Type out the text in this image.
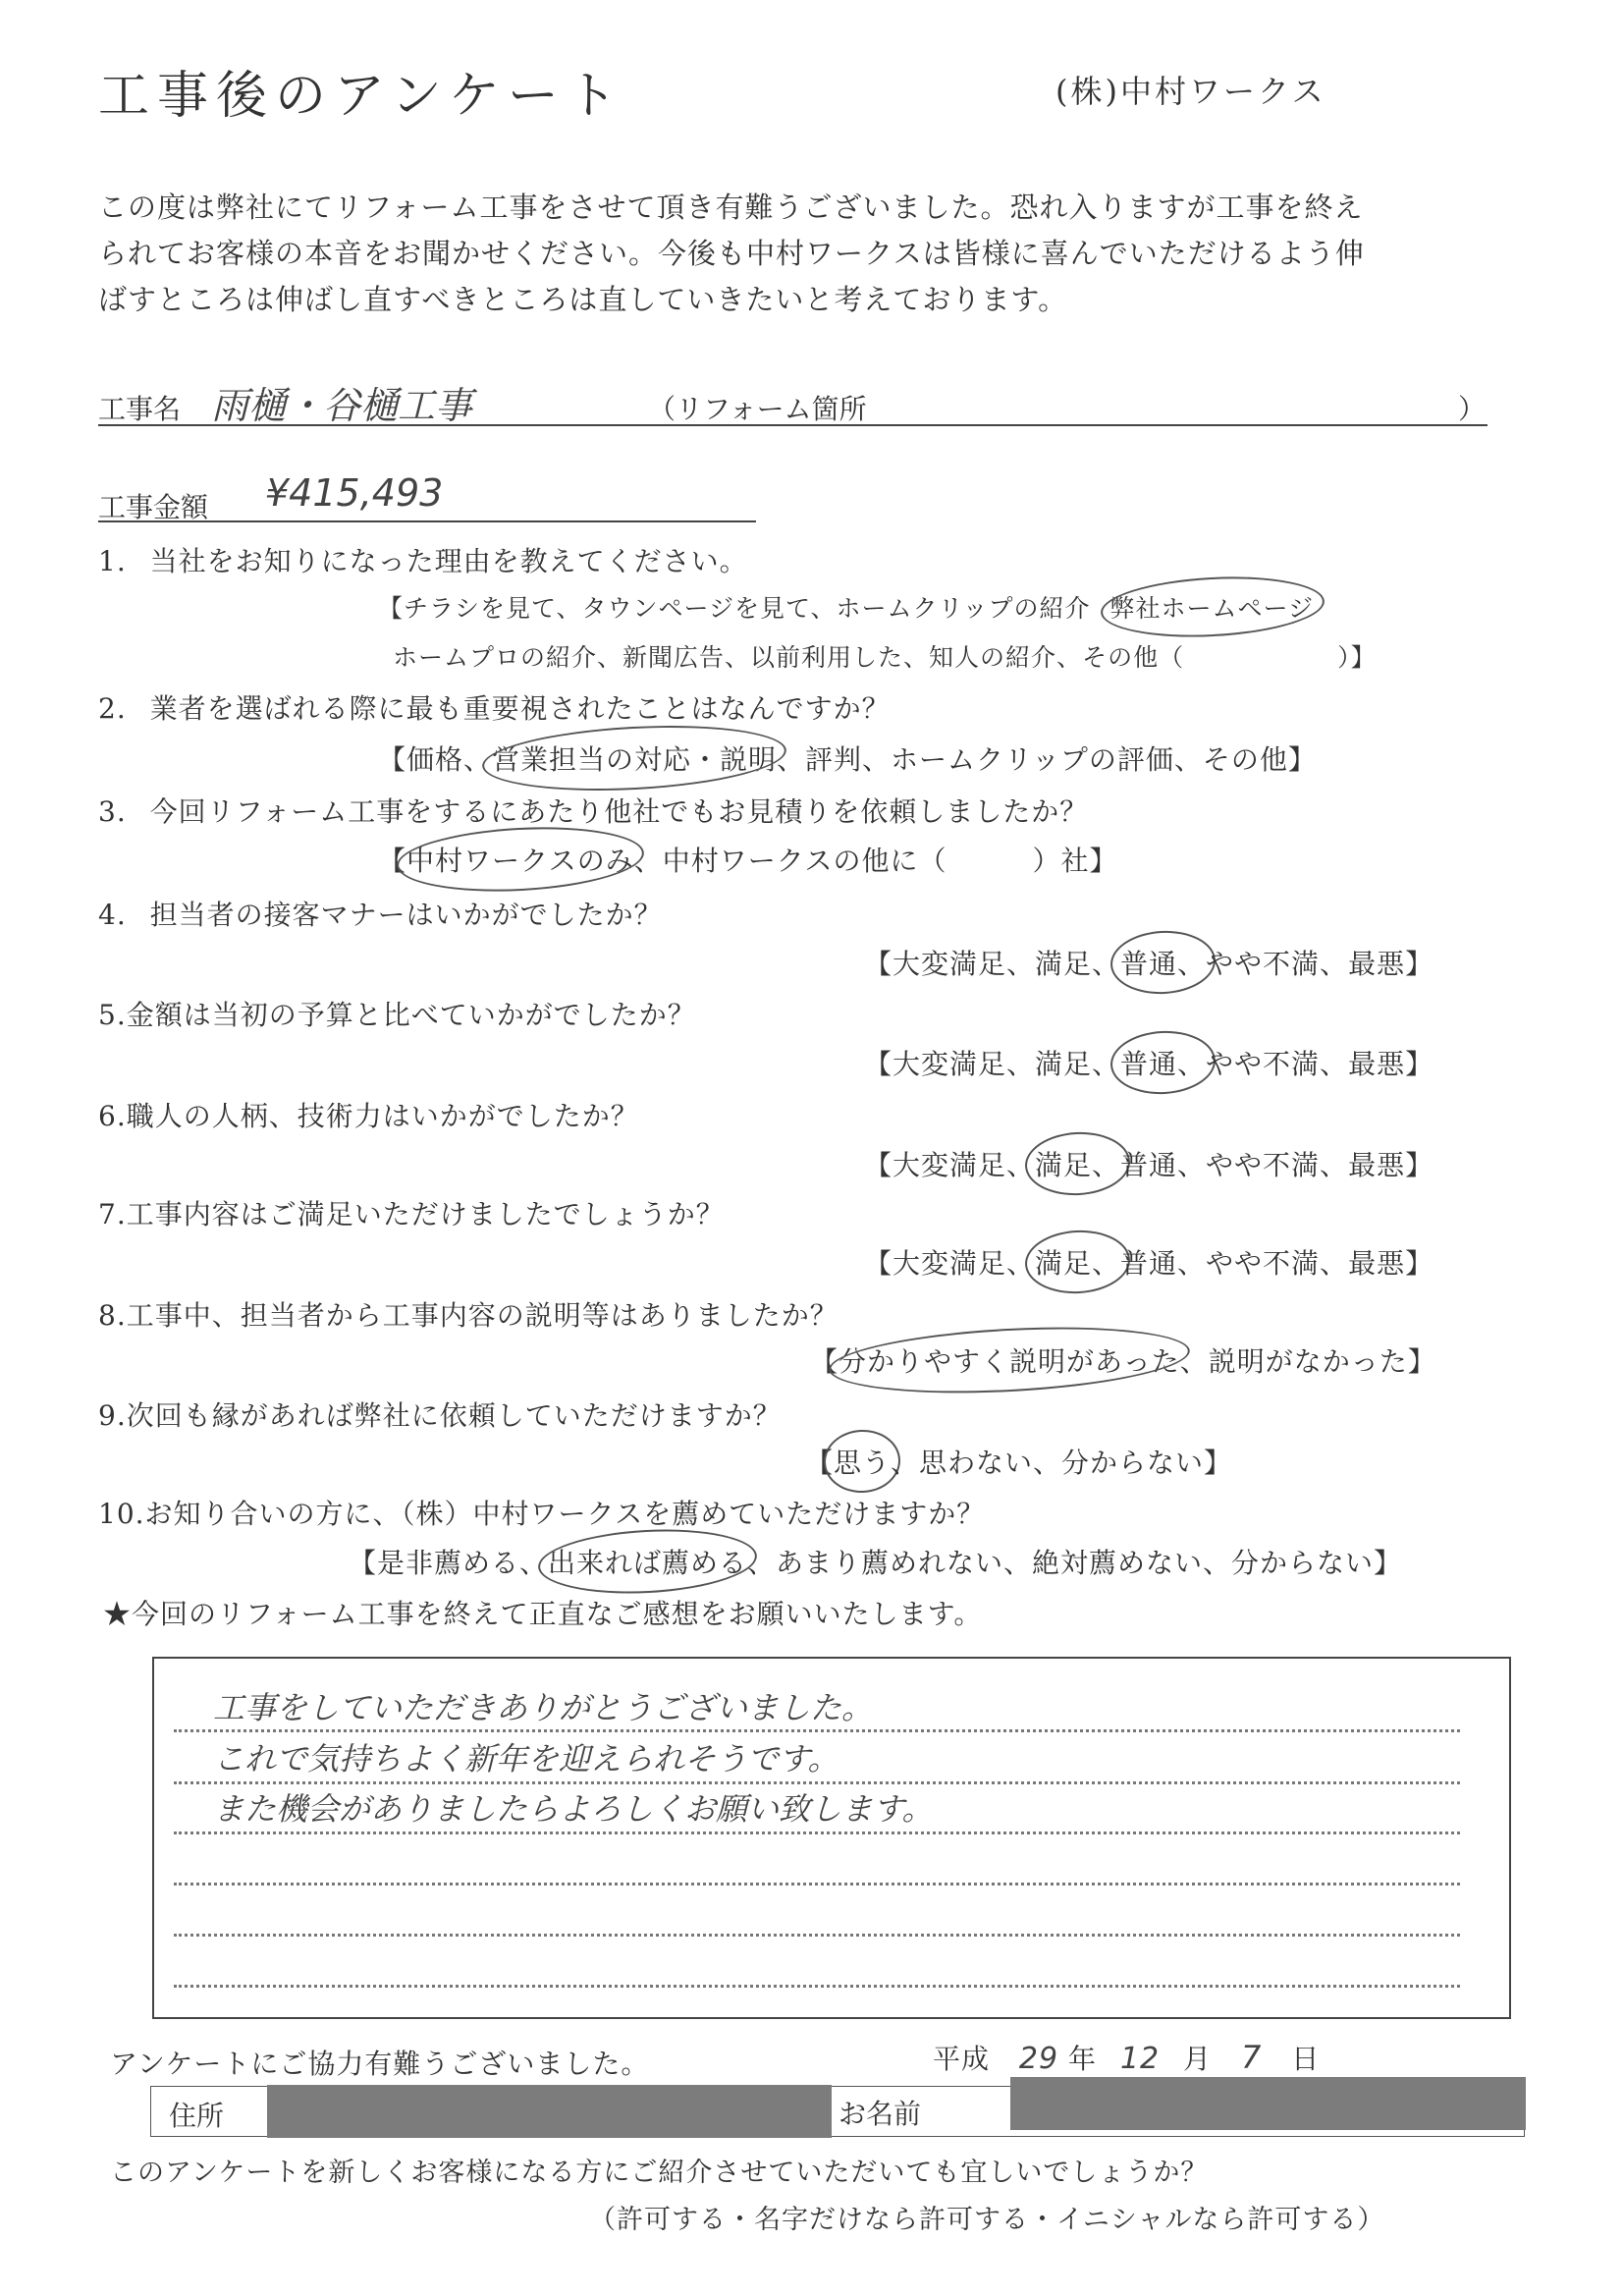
工事後のアンケート	(株)中村ワークス
この度は弊社にてリフォーム工事をさせて頂き有難うございました。恐れ入りますが工事を終え
られてお客様の本音をお聞かせください。今後も中村ワークスは皆様に喜んでいただけるよう伸
ばすところは伸ばし直すべきところは直していきたいと考えております。
工事名 雨樋・谷樋工事	（リフォーム箇所	）
工事金額 ¥415,493
1. 当社をお知りになった理由を教えてください。
【チラシを見て、タウンページを見て、ホームクリップの紹介 弊社ホームページ
ホームプロの紹介、新聞広告、以前利用した、知人の紹介、その他（　　　　　　）】
2. 業者を選ばれる際に最も重要視されたことはなんですか？
【価格、営業担当の対応・説明、評判、ホームクリップの評価、その他】
3. 今回リフォーム工事をするにあたり他社でもお見積りを依頼しましたか？
【中村ワークスのみ、中村ワークスの他に（　　　）社】
4. 担当者の接客マナーはいかがでしたか？
【大変満足、満足、普通、やや不満、最悪】
5.金額は当初の予算と比べていかがでしたか？
【大変満足、満足、普通、やや不満、最悪】
6.職人の人柄、技術力はいかがでしたか？
【大変満足、満足、普通、やや不満、最悪】
7.工事内容はご満足いただけましたでしょうか？
【大変満足、満足、普通、やや不満、最悪】
8.工事中、担当者から工事内容の説明等はありましたか？
【分かりやすく説明があった、説明がなかった】
9.次回も縁があれば弊社に依頼していただけますか？
【思う、思わない、分からない】
10.お知り合いの方に、（株）中村ワークスを薦めていただけますか？
【是非薦める、出来れば薦める、あまり薦めれない、絶対薦めない、分からない】
★今回のリフォーム工事を終えて正直なご感想をお願いいたします。
工事をしていただきありがとうございました。
これで気持ちよく新年を迎えられそうです。
また機会がありましたらよろしくお願い致します。
アンケートにご協力有難うございました。	平成 29 年 12 月 7 日
住所	お名前
このアンケートを新しくお客様になる方にご紹介させていただいても宜しいでしょうか？
（許可する・名字だけなら許可する・イニシャルなら許可する）
